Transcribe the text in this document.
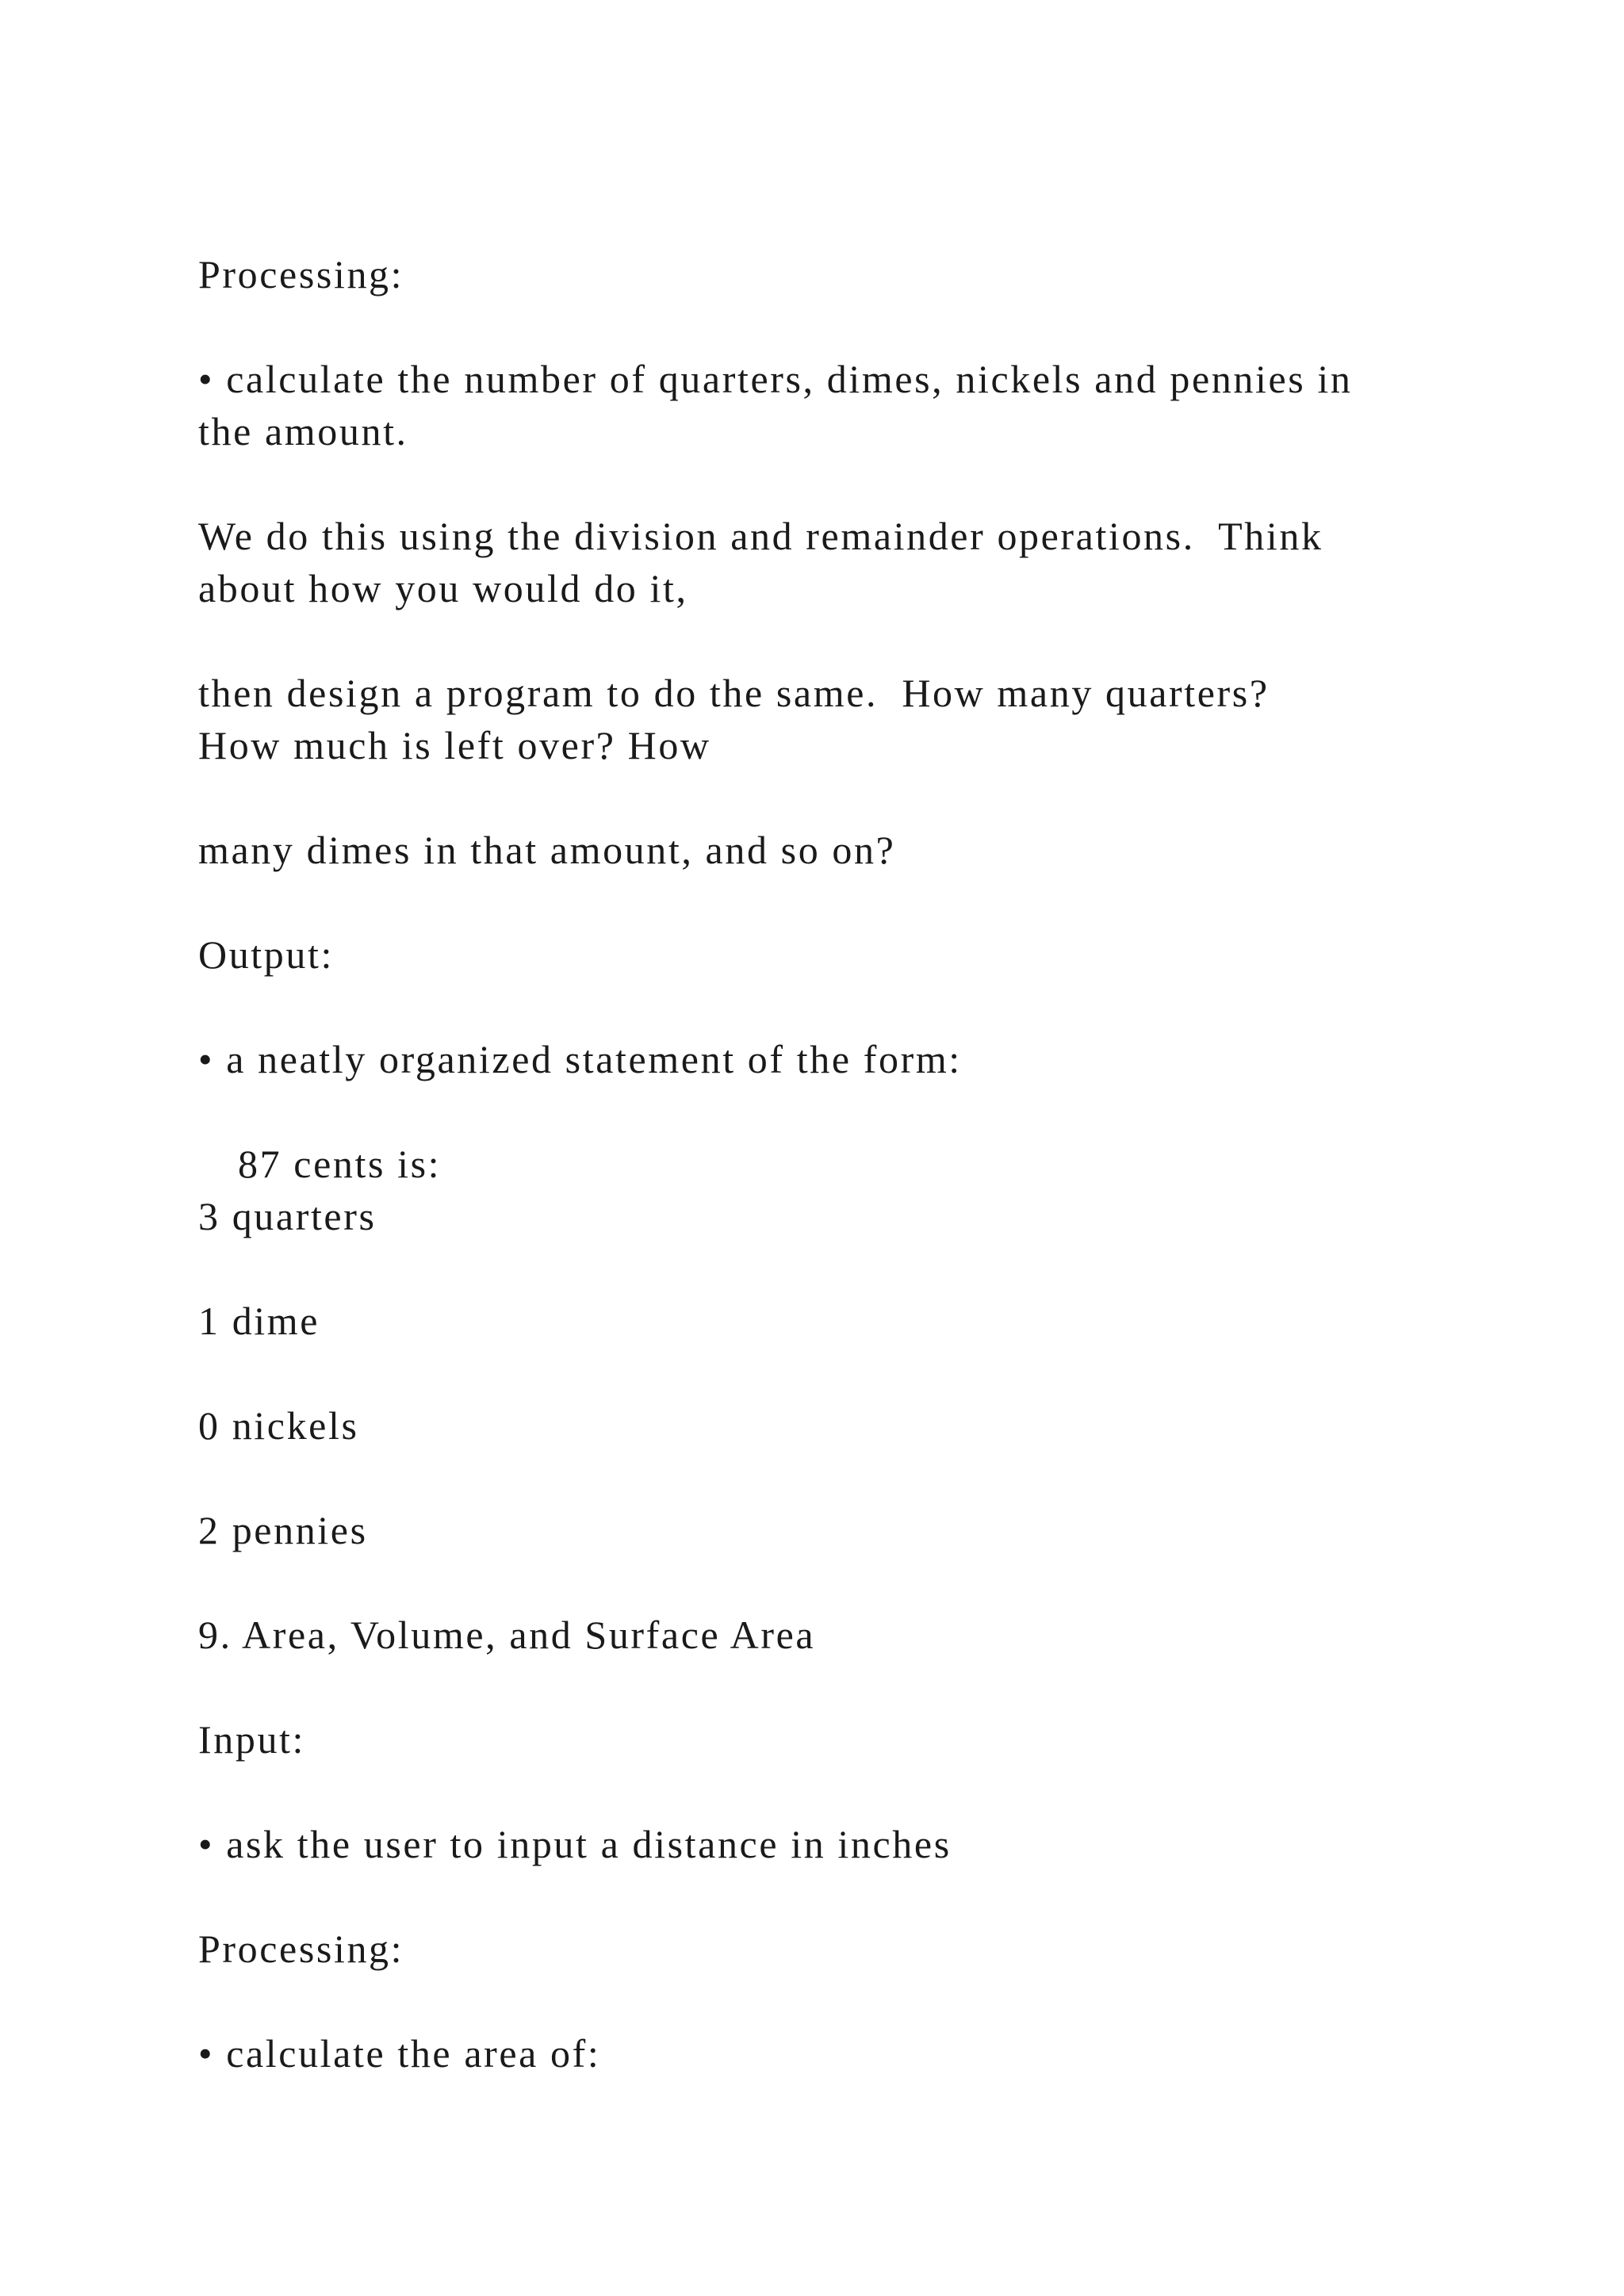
Processing:

• calculate the number of quarters, dimes, nickels and pennies in

the amount.

We do this using the division and remainder operations.  Think

about how you would do it,

then design a program to do the same.  How many quarters?

How much is left over? How

many dimes in that amount, and so on?

Output:

• a neatly organized statement of the form:

87 cents is:

3 quarters

1 dime

0 nickels

2 pennies

9. Area, Volume, and Surface Area

Input:

• ask the user to input a distance in inches

Processing:

• calculate the area of:
